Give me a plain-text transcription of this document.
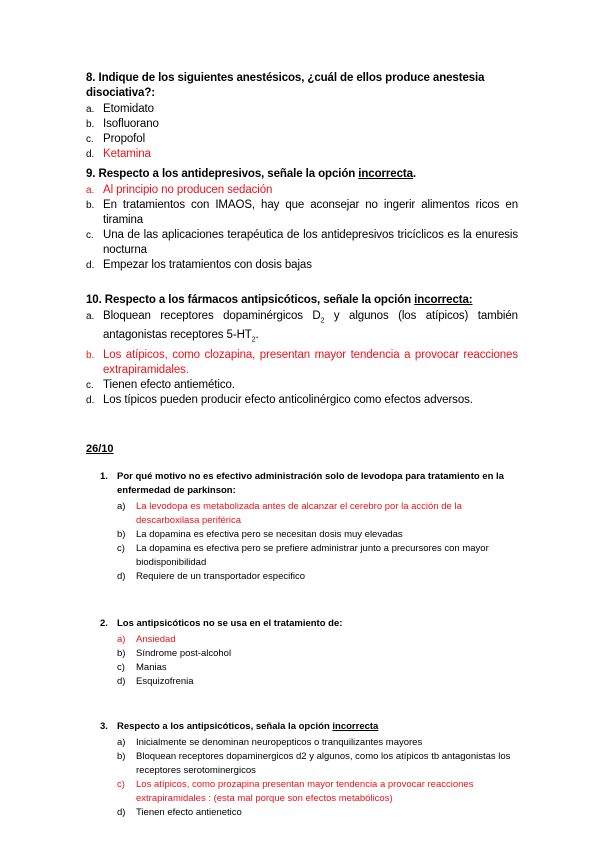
8. Indique de los siguientes anestésicos, ¿cuál de ellos produce anestesia disociativa?:
a. Etomidato
b. Isofluorano
c. Propofol
d. Ketamina
9. Respecto a los antidepresivos, señale la opción incorrecta.
a. Al principio no producen sedación
b. En tratamientos con IMAOS, hay que aconsejar no ingerir alimentos ricos en tiramina
c. Una de las aplicaciones terapéutica de los antidepresivos tricíclicos es la enuresis nocturna
d. Empezar los tratamientos con dosis bajas
10. Respecto a los fármacos antipsicóticos, señale la opción incorrecta:
a. Bloquean receptores dopaminérgicos $D_2$ y algunos (los atípicos) también antagonistas receptores $5-HT_2$.
b. Los atípicos, como clozapina, presentan mayor tendencia a provocar reacciones extrapiramidales.
c. Tienen efecto antiemético.
d. Los típicos pueden producir efecto anticolinérgico como efectos adversos.
26/10
1. Por qué motivo no es efectivo administración solo de levodopa para tratamiento en la enfermedad de parkinson:
a)	La levodopa es metabolizada antes de alcanzar el cerebro por la acción de la descarboxilasa periférica
b)	La dopamina es efectiva pero se necesitan dosis muy elevadas
c)	La dopamina es efectiva pero se prefiere administrar junto a precursores con mayor biodisponibilidad
d)	Requiere de un transportador especifico
2. Los antipsicóticos no se usa en el tratamiento de:
a)	Ansiedad
b)	Síndrome post-alcohol
c)	Manias
d)	Esquizofrenia
3. Respecto a los antipsicóticos, señala la opción incorrecta
a)	Inicialmente se denominan neuropepticos o tranquilizantes mayores
b)	Bloquean receptores dopaminergicos d2 y algunos, como los atípicos tb antagonistas los receptores serotominergicos
c)	Los atípicos, como prozapina presentan mayor tendencia a provocar reacciones extrapiramidales : (esta mal porque son efectos metabólicos)
d)	Tienen efecto antienetico
